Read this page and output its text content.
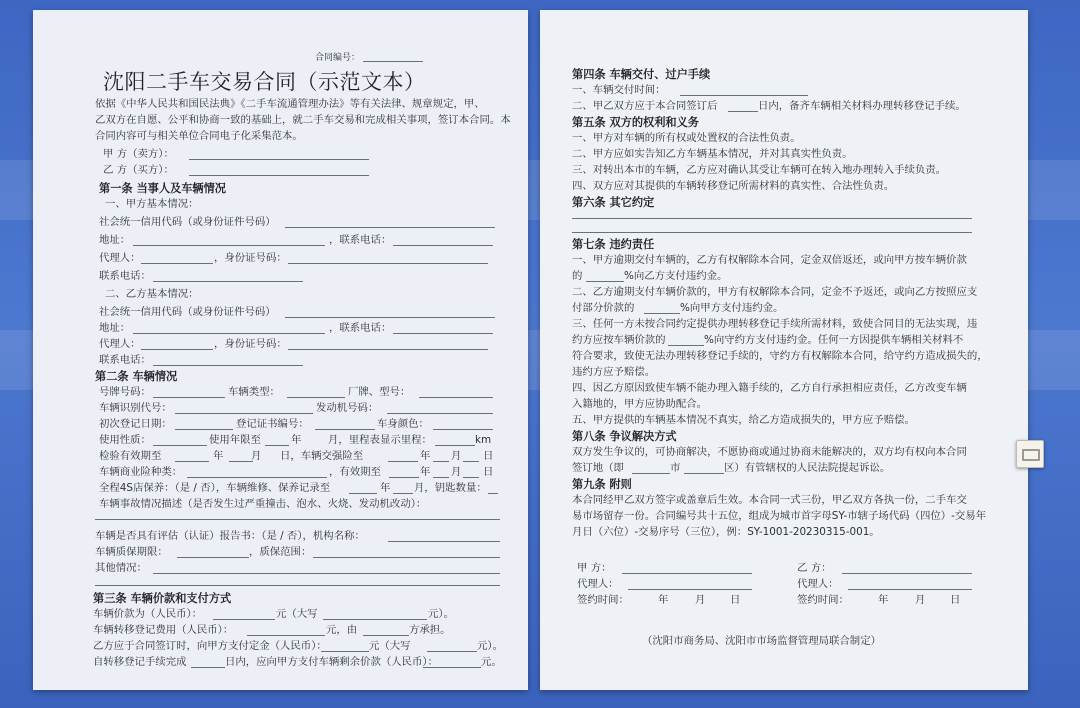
合同编号：
沈阳二手车交易合同（示范文本）
依据《中华人民共和国民法典》《二手车流通管理办法》等有关法律、规章规定，甲、
乙双方在自愿、公平和协商一致的基础上，就二手车交易和完成相关事项，签订本合同。本
合同内容可与相关单位合同电子化采集范本。
甲 方（卖方）：
乙 方（买方）：
第一条 当事人及车辆情况
一、甲方基本情况：
社会统一信用代码（或身份证件号码）
地址：	，联系电话：
代理人：	，身份证号码：
联系电话：
二、乙方基本情况：
社会统一信用代码（或身份证件号码）
地址：	，联系电话：
代理人：	，身份证号码：
联系电话：
第二条 车辆情况
号牌号码：	车辆类型：	厂牌、型号：
车辆识别代号：	发动机号码：
初次登记日期：	登记证书编号：	车身颜色：
使用性质：	使用年限至	年	月，里程表显示里程：	km
检验有效期至	年	月 日，车辆交强险至	年 月 日
车辆商业险种类：	，有效期至	年 月 日
全程4S店保养：（是 / 否），车辆维修、保养记录至	年 月，钥匙数量：
车辆事故情况描述（是否发生过严重撞击、泡水、火烧、发动机改动）：
车辆是否具有评估（认证）报告书：（是 / 否），机构名称：
车辆质保期限：	，质保范围：
其他情况：
第三条 车辆价款和支付方式
车辆价款为（人民币）：	元（大写	元）。
车辆转移登记费用（人民币）：	元，由	方承担。
乙方应于合同签订时，向甲方支付定金（人民币）：	元（大写	元）。
自转移登记手续完成	日内，应向甲方支付车辆剩余价款（人民币）：	元。
第四条 车辆交付、过户手续
一、车辆交付时间：
二、甲乙双方应于本合同签订后	日内，备齐车辆相关材料办理转移登记手续。
第五条 双方的权利和义务
一、甲方对车辆的所有权或处置权的合法性负责。
二、甲方应如实告知乙方车辆基本情况，并对其真实性负责。
三、对转出本市的车辆，乙方应对确认其受让车辆可在转入地办理转入手续负责。
四、双方应对其提供的车辆转移登记所需材料的真实性、合法性负责。
第六条 其它约定
第七条 违约责任
一、甲方逾期交付车辆的，乙方有权解除本合同，定金双倍返还，或向甲方按车辆价款
的	%向乙方支付违约金。
二、乙方逾期支付车辆价款的，甲方有权解除本合同，定金不予返还，或向乙方按照应支
付部分价款的	%向甲方支付违约金。
三、任何一方未按合同约定提供办理转移登记手续所需材料，致使合同目的无法实现，违
约方应按车辆价款的	%向守约方支付违约金。任何一方因提供车辆相关材料不
符合要求，致使无法办理转移登记手续的，守约方有权解除本合同，给守约方造成损失的，
违约方应予赔偿。
四、因乙方原因致使车辆不能办理入籍手续的，乙方自行承担相应责任，乙方改变车辆
入籍地的，甲方应协助配合。
五、甲方提供的车辆基本情况不真实，给乙方造成损失的，甲方应予赔偿。
第八条 争议解决方式
双方发生争议的，可协商解决，不愿协商或通过协商未能解决的，双方均有权向本合同
签订地（即	市	区）有管辖权的人民法院提起诉讼。
第九条 附则
本合同经甲乙双方签字或盖章后生效。本合同一式三份，甲乙双方各执一份，二手车交
易市场留存一份。合同编号共十五位，组成为城市首字母SY-市辖子场代码（四位）-交易年
月日（六位）-交易序号（三位），例：SY-1001-20230315-001。
甲 方：	乙 方：
代理人：	代理人：
签约时间：	年	月 日	签约时间：	年	月 日
（沈阳市商务局、沈阳市市场监督管理局联合制定）
